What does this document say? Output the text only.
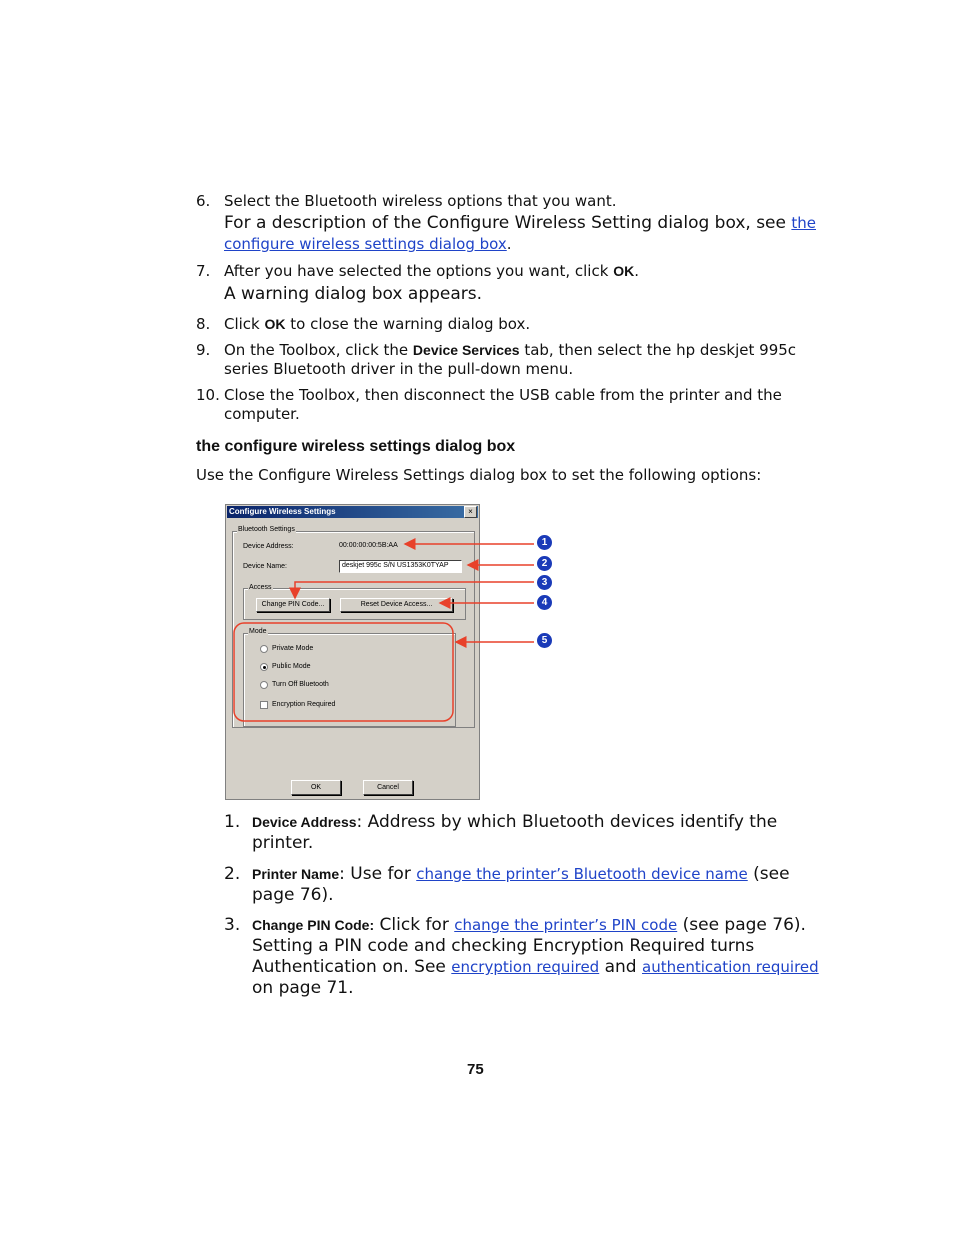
6. Select the Bluetooth wireless options that you want.
For a description of the Configure Wireless Setting dialog box, see the
configure wireless settings dialog box.
7. After you have selected the options you want, click OK.
A warning dialog box appears.
8. Click OK to close the warning dialog box.
9. On the Toolbox, click the Device Services tab, then select the hp deskjet 995c
series Bluetooth driver in the pull-down menu.
10. Close the Toolbox, then disconnect the USB cable from the printer and the
computer.
the configure wireless settings dialog box
Use the Configure Wireless Settings dialog box to set the following options:
Configure Wireless Settings	×
Bluetooth Settings
Device Address:	00:00:00:00:5B:AA
Device Name:	deskjet 995c S/N US1353K0TYAP
Access
Change PIN Code...	Reset Device Access...
Mode
Private Mode
Public Mode
Turn Off Bluetooth
Encryption Required
OK	Cancel
1
2
3
4
5
1. Device Address: Address by which Bluetooth devices identify the
printer.
2. Printer Name: Use for change the printer’s Bluetooth device name (see
page 76).
3. Change PIN Code: Click for change the printer’s PIN code (see page 76).
Setting a PIN code and checking Encryption Required turns
Authentication on. See encryption required and authentication required
on page 71.
75
